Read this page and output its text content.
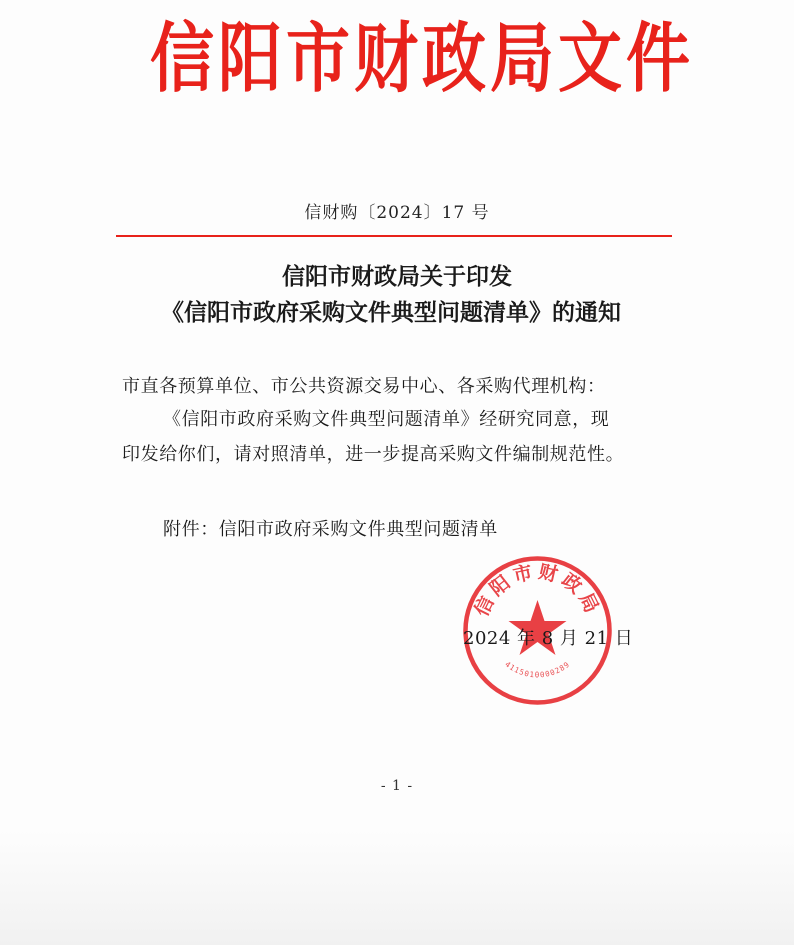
信阳市财政局文件
信财购〔2024〕17 号
信阳市财政局关于印发
《信阳市政府采购文件典型问题清单》的通知
市直各预算单位、市公共资源交易中心、各采购代理机构：
《信阳市政府采购文件典型问题清单》经研究同意，现
印发给你们，请对照清单，进一步提高采购文件编制规范性。
附件：信阳市政府采购文件典型问题清单
信阳市财政局
4115010000289
2024 年 8 月 21 日
- 1 -
